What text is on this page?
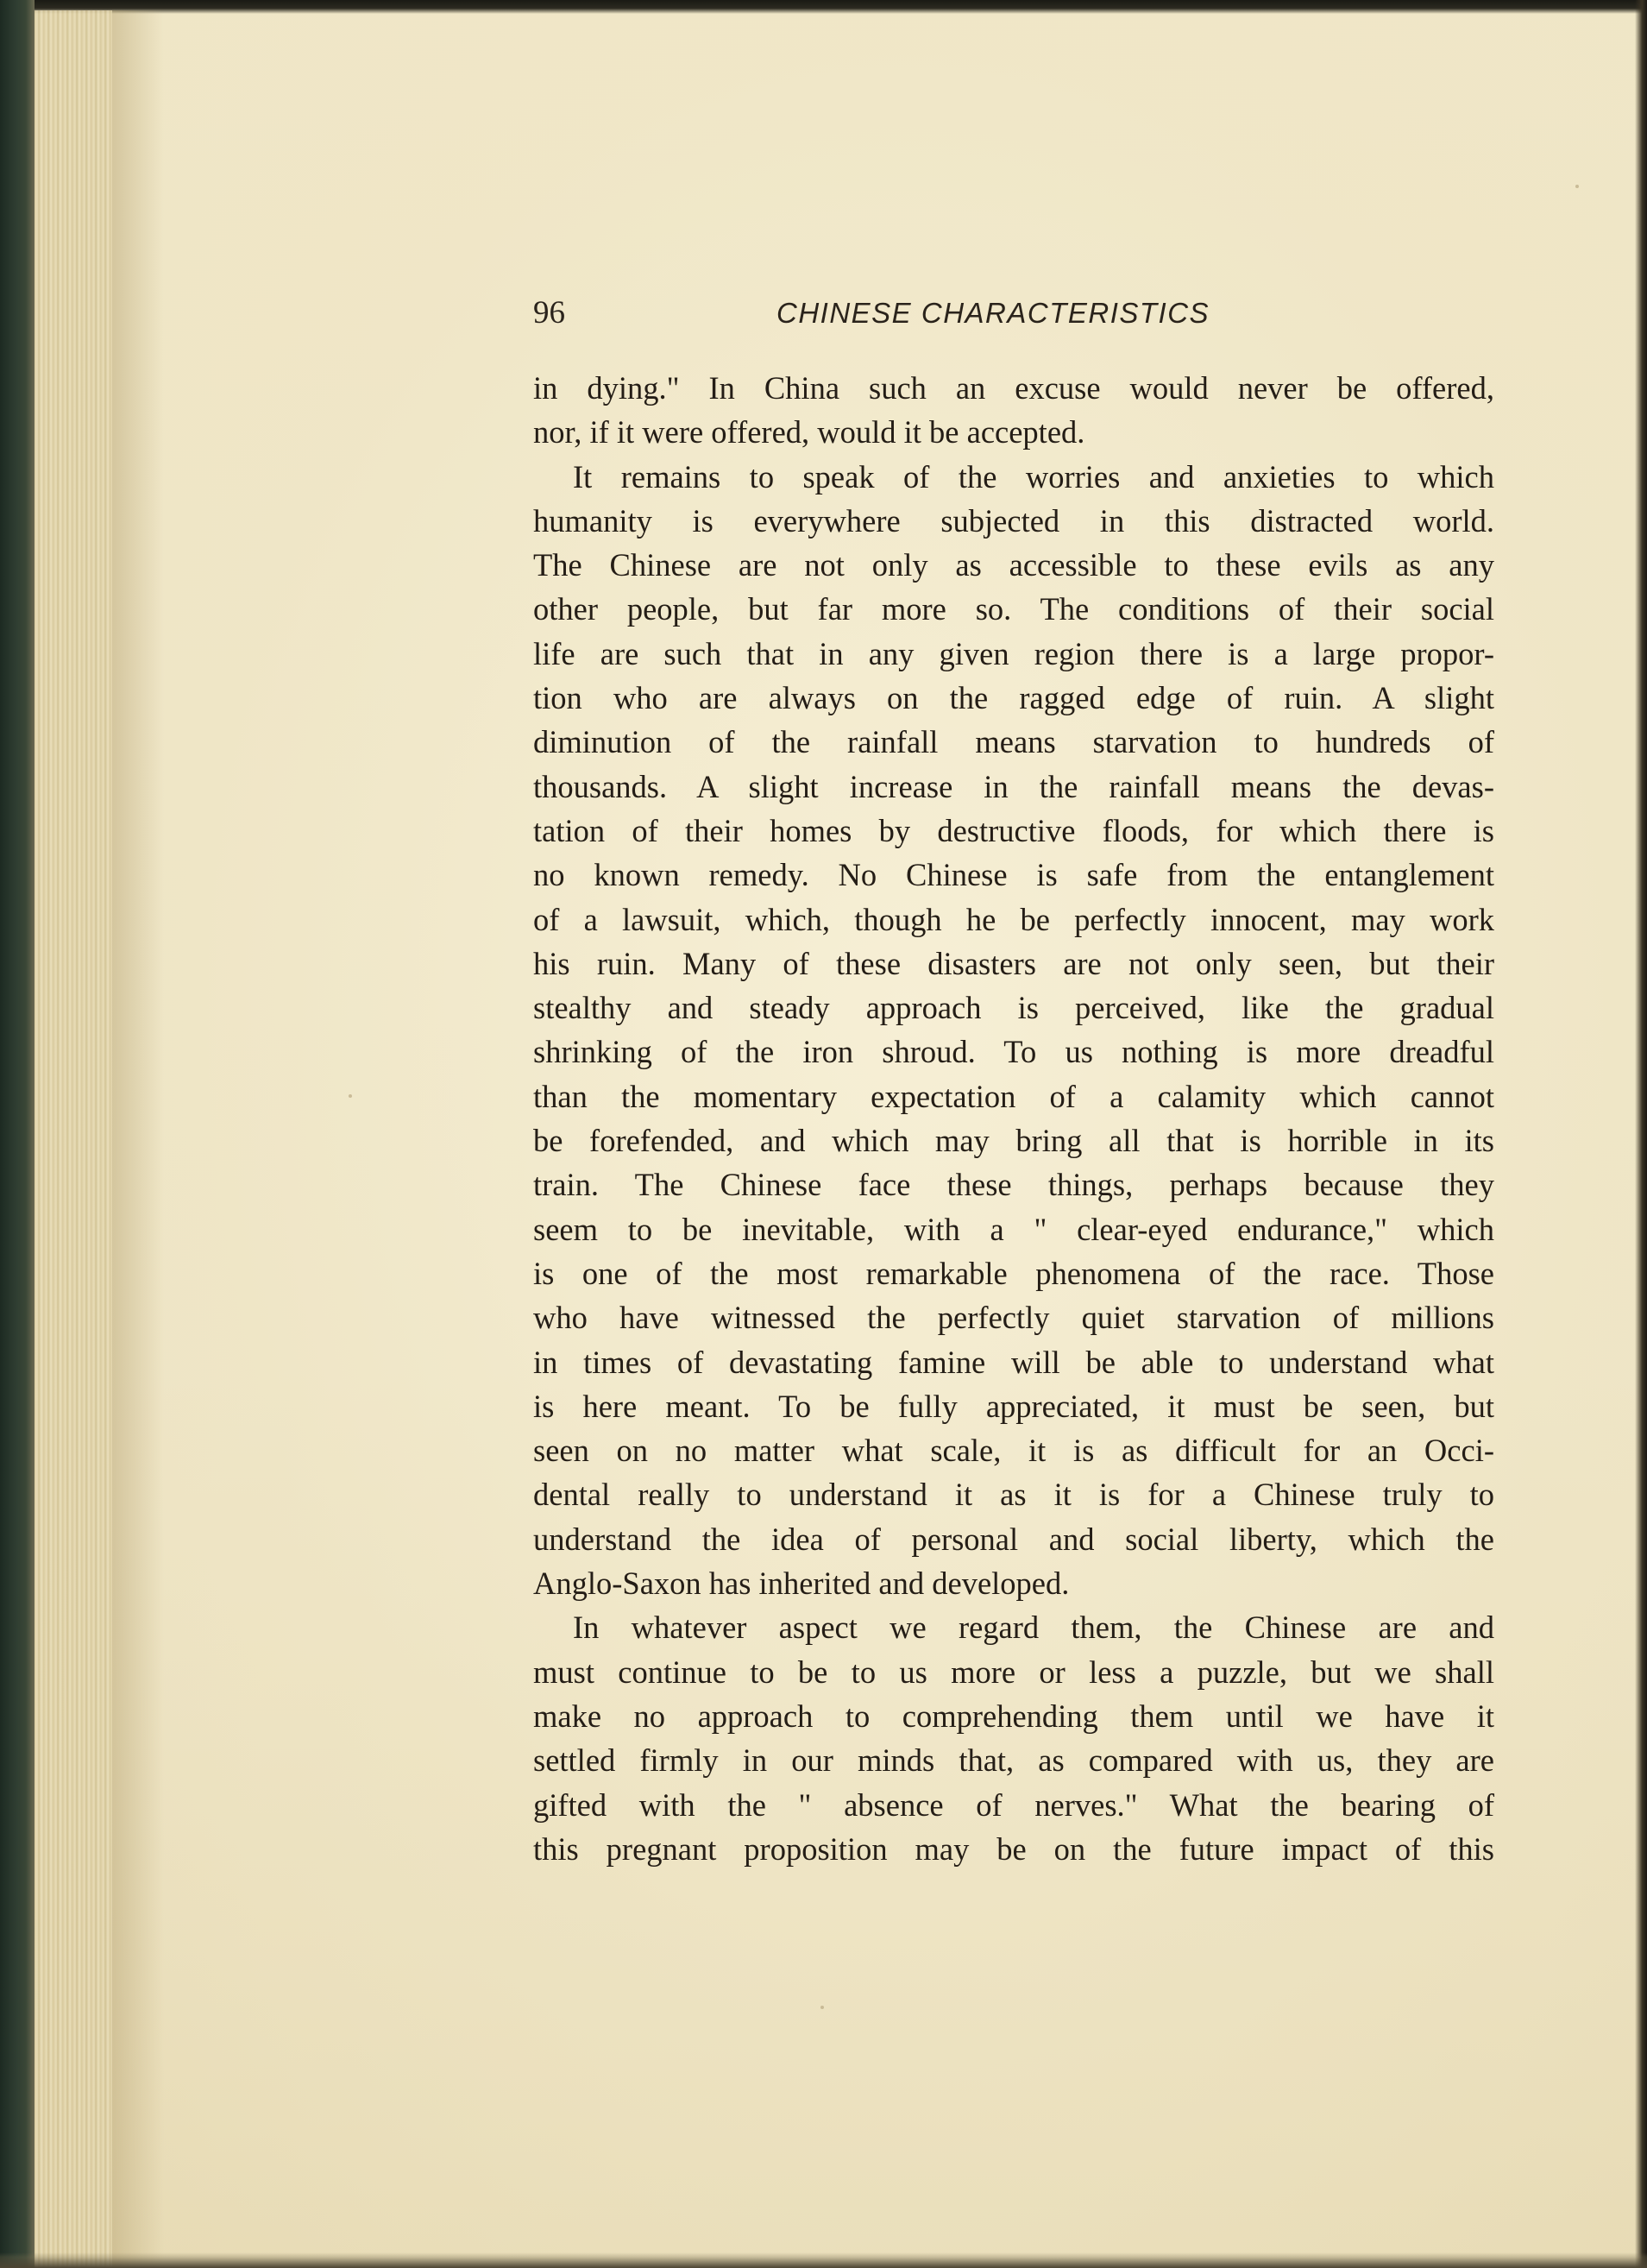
96	CHINESE CHARACTERISTICS
in dying." In China such an excuse would never be offered,
nor, if it were offered, would it be accepted.
It remains to speak of the worries and anxieties to which
humanity is everywhere subjected in this distracted world.
The Chinese are not only as accessible to these evils as any
other people, but far more so. The conditions of their social
life are such that in any given region there is a large propor-
tion who are always on the ragged edge of ruin. A slight
diminution of the rainfall means starvation to hundreds of
thousands. A slight increase in the rainfall means the devas-
tation of their homes by destructive floods, for which there is
no known remedy. No Chinese is safe from the entanglement
of a lawsuit, which, though he be perfectly innocent, may work
his ruin. Many of these disasters are not only seen, but their
stealthy and steady approach is perceived, like the gradual
shrinking of the iron shroud. To us nothing is more dreadful
than the momentary expectation of a calamity which cannot
be forefended, and which may bring all that is horrible in its
train. The Chinese face these things, perhaps because they
seem to be inevitable, with a " clear-eyed endurance," which
is one of the most remarkable phenomena of the race. Those
who have witnessed the perfectly quiet starvation of millions
in times of devastating famine will be able to understand what
is here meant. To be fully appreciated, it must be seen, but
seen on no matter what scale, it is as difficult for an Occi-
dental really to understand it as it is for a Chinese truly to
understand the idea of personal and social liberty, which the
Anglo-Saxon has inherited and developed.
In whatever aspect we regard them, the Chinese are and
must continue to be to us more or less a puzzle, but we shall
make no approach to comprehending them until we have it
settled firmly in our minds that, as compared with us, they are
gifted with the " absence of nerves." What the bearing of
this pregnant proposition may be on the future impact of this
